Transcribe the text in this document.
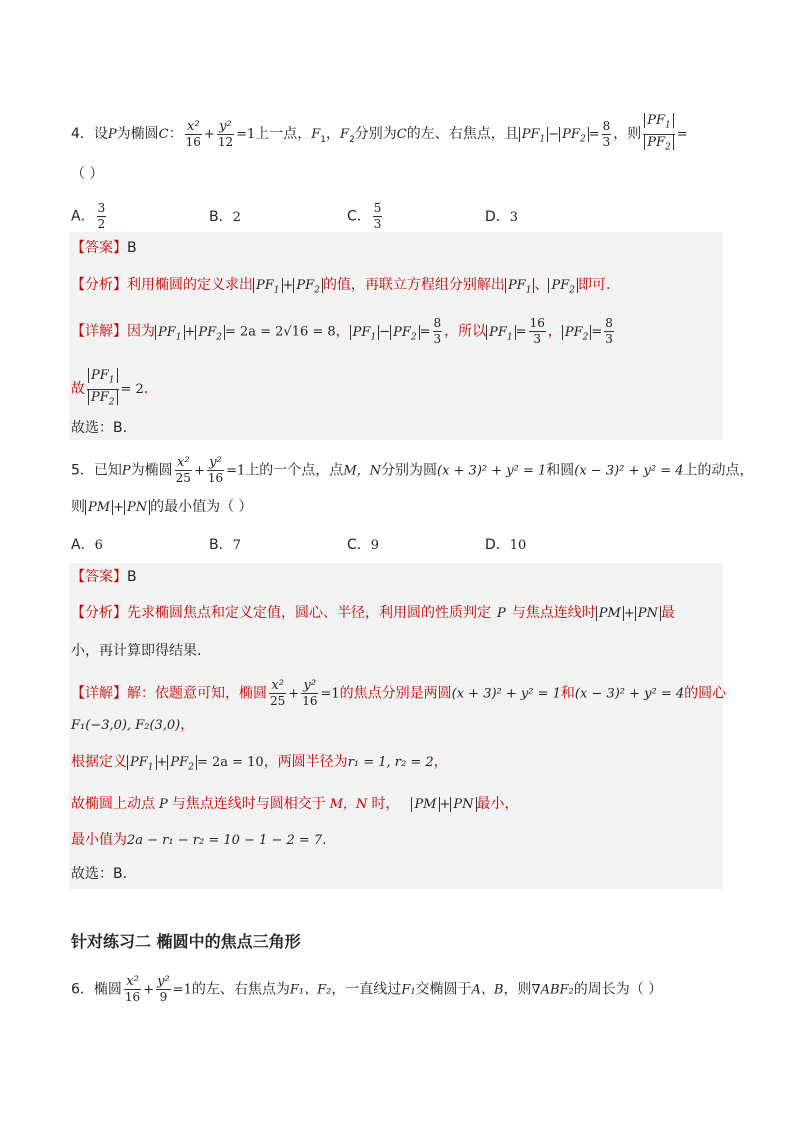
4．设P为椭圆C： $\frac{\text{x²}}{16} + \frac{\text{y²}}{12} =1$上一点，$F_1$，$F_2$分别为C的左、右焦点，且 $PF_1 - PF_2 = \frac{8}{3}$ ，则 $\frac{PF_1}{PF_2}$ =
（ ）
A． $\frac{3}{2}$	B．2	C． $\frac{5}{3}$	D．3
【答案】B
【分析】利用椭圆的定义求出 $PF_1 + PF_2$ 的值，再联立方程组分别解出 $PF_1$ 、 $PF_2$ 即可.
【详解】因为 $PF_1 + PF_2 = 2a = 2√16 = 8$， $PF_1 - PF_2 = \frac{8}{3}$ ，所以 $PF_1 = \frac{16}{3}$ ， $PF_2 = \frac{8}{3}$
故 $\frac{PF_1}{PF_2} = 2$．
故选：B.
5．已知P为椭圆 $\frac{\text{x²}}{25} + \frac{\text{y²}}{16} =1$上的一个点，点M，N分别为圆(x + 3)² + y² = 1和圆(x − 3)² + y² = 4上的动点，
则 PM + PN 的最小值为（ ）
A．6	B．7	C．9	D．10
【答案】B
【分析】先求椭圆焦点和定义定值，圆心、半径，利用圆的性质判定 P 与焦点连线时 PM + PN 最
小，再计算即得结果.
【详解】解：依题意可知，椭圆 $\frac{\text{x²}}{25} + \frac{\text{y²}}{16} =1$的焦点分别是两圆(x + 3)² + y² = 1和(x − 3)² + y² = 4的圆心
F₁(−3,0), F₂(3,0)，
根据定义 $PF_1 + PF_2 = 2a = 10$，两圆半径为r₁ = 1, r₂ = 2，
故椭圆上动点 P 与焦点连线时与圆相交于 M，N 时， PM + PN 最小，
最小值为2a − r₁ − r₂ = 10 − 1 − 2 = 7.
故选：B.
针对练习二 椭圆中的焦点三角形
6．椭圆 $\frac{\text{x²}}{16} + \frac{\text{y²}}{9} =1$的左、右焦点为F₁、F₂，一直线过F₁交椭圆于A、B，则∇ABF₂的周长为（ ）
